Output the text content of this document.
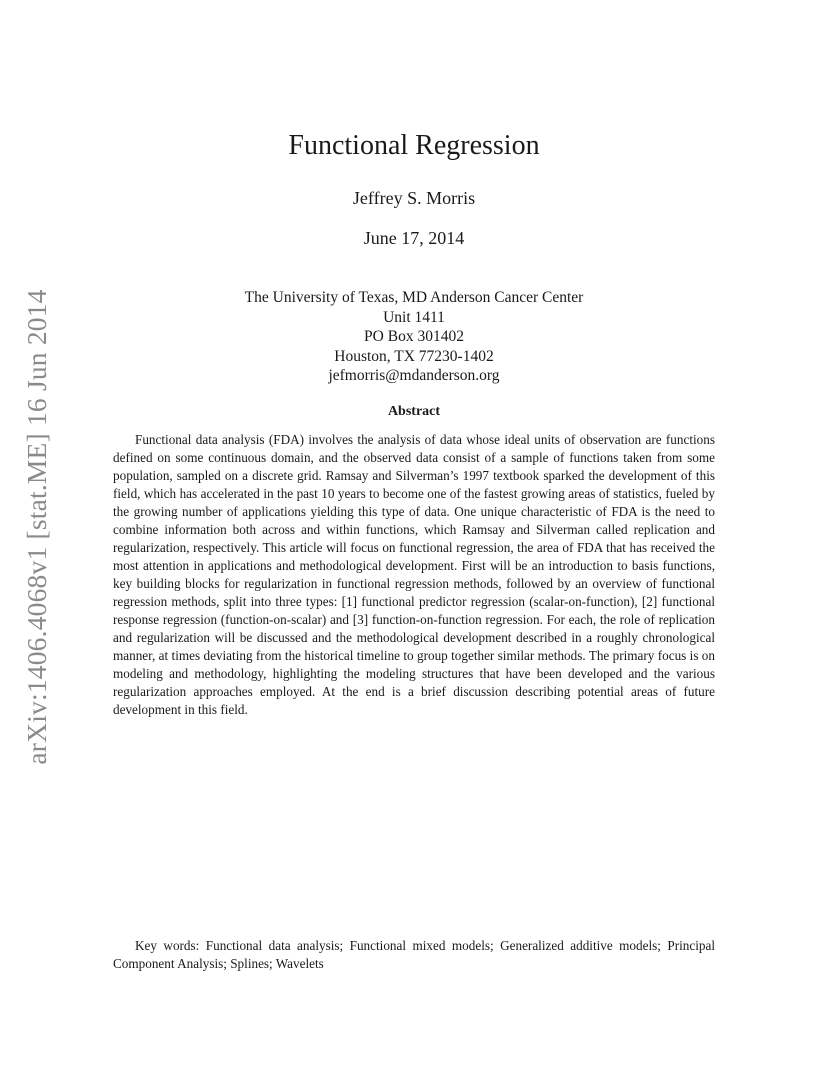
arXiv:1406.4068v1 [stat.ME] 16 Jun 2014
Functional Regression
Jeffrey S. Morris
June 17, 2014
The University of Texas, MD Anderson Cancer Center
Unit 1411
PO Box 301402
Houston, TX 77230-1402
jefmorris@mdanderson.org
Abstract

Functional data analysis (FDA) involves the analysis of data whose ideal units of observation are functions defined on some continuous domain, and the observed data consist of a sample of functions taken from some population, sampled on a discrete grid. Ramsay and Silverman’s 1997 textbook sparked the development of this field, which has accelerated in the past 10 years to become one of the fastest growing areas of statistics, fueled by the growing number of applications yielding this type of data. One unique characteristic of FDA is the need to combine information both across and within functions, which Ramsay and Silverman called replication and regularization, respectively. This article will focus on functional regression, the area of FDA that has received the most attention in applications and methodological development. First will be an introduction to basis functions, key building blocks for regularization in functional regression methods, followed by an overview of functional regression methods, split into three types: [1] functional predictor regression (scalar-on-function), [2] functional response regression (function-on-scalar) and [3] function-on-function regression. For each, the role of replication and regularization will be discussed and the methodological development described in a roughly chronological manner, at times deviating from the historical timeline to group together similar methods. The primary focus is on modeling and methodology, highlighting the modeling structures that have been developed and the various regularization approaches employed. At the end is a brief discussion describing potential areas of future development in this field.

Key words: Functional data analysis; Functional mixed models; Generalized additive models; Principal Component Analysis; Splines; Wavelets
